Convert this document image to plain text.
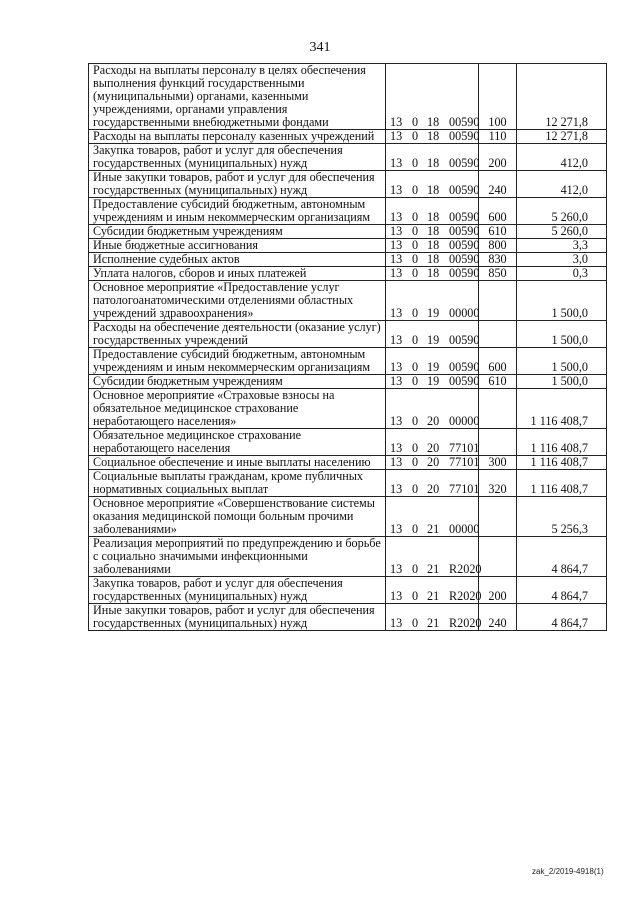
341
Расходы на выплаты персоналу в целях обеспечения выполнения функций государственными (муниципальными) органами, казенными учреждениями, органами управления государственными внебюджетными фондами	13 0 18 00590	100	12 271,8
Расходы на выплаты персоналу казенных учреждений	13 0 18 00590	110	12 271,8
Закупка товаров, работ и услуг для обеспечения государственных (муниципальных) нужд	13 0 18 00590	200	412,0
Иные закупки товаров, работ и услуг для обеспечения государственных (муниципальных) нужд	13 0 18 00590	240	412,0
Предоставление субсидий бюджетным, автономным учреждениям и иным некоммерческим организациям	13 0 18 00590	600	5 260,0
Субсидии бюджетным учреждениям	13 0 18 00590	610	5 260,0
Иные бюджетные ассигнования	13 0 18 00590	800	3,3
Исполнение судебных актов	13 0 18 00590	830	3,0
Уплата налогов, сборов и иных платежей	13 0 18 00590	850	0,3
Основное мероприятие «Предоставление услуг патологоанатомическими отделениями областных учреждений здравоохранения»	13 0 19 00000		1 500,0
Расходы на обеспечение деятельности (оказание услуг) государственных учреждений	13 0 19 00590		1 500,0
Предоставление субсидий бюджетным, автономным учреждениям и иным некоммерческим организациям	13 0 19 00590	600	1 500,0
Субсидии бюджетным учреждениям	13 0 19 00590	610	1 500,0
Основное мероприятие «Страховые взносы на обязательное медицинское страхование неработающего населения»	13 0 20 00000		1 116 408,7
Обязательное медицинское страхование неработающего населения	13 0 20 77101		1 116 408,7
Социальное обеспечение и иные выплаты населению	13 0 20 77101	300	1 116 408,7
Социальные выплаты гражданам, кроме публичных нормативных социальных выплат	13 0 20 77101	320	1 116 408,7
Основное мероприятие «Совершенствование системы оказания медицинской помощи больным прочими заболеваниями»	13 0 21 00000		5 256,3
Реализация мероприятий по предупреждению и борьбе с социально значимыми инфекционными заболеваниями	13 0 21 R2020		4 864,7
Закупка товаров, работ и услуг для обеспечения государственных (муниципальных) нужд	13 0 21 R2020	200	4 864,7
Иные закупки товаров, работ и услуг для обеспечения государственных (муниципальных) нужд	13 0 21 R2020	240	4 864,7
zak_2/2019-4918(1)
